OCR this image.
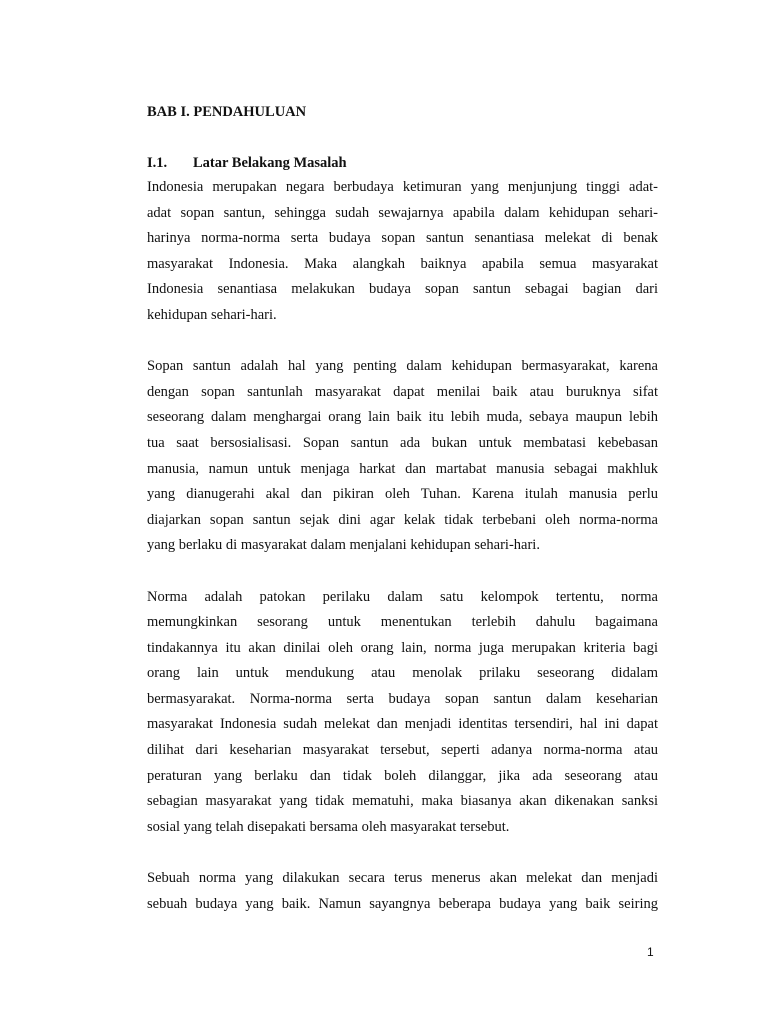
BAB I. PENDAHULUAN
I.1.	Latar Belakang Masalah

Indonesia merupakan negara berbudaya ketimuran yang menjunjung tinggi adat-
adat sopan santun, sehingga sudah sewajarnya apabila dalam kehidupan sehari-
harinya norma-norma serta budaya sopan santun senantiasa melekat di benak
masyarakat Indonesia. Maka alangkah baiknya apabila semua masyarakat
Indonesia senantiasa melakukan budaya sopan santun sebagai bagian dari
kehidupan sehari-hari.

Sopan santun adalah hal yang penting dalam kehidupan bermasyarakat, karena
dengan sopan santunlah masyarakat dapat menilai baik atau buruknya sifat
seseorang dalam menghargai orang lain baik itu lebih muda, sebaya maupun lebih
tua saat bersosialisasi. Sopan santun ada bukan untuk membatasi kebebasan
manusia, namun untuk menjaga harkat dan martabat manusia sebagai makhluk
yang dianugerahi akal dan pikiran oleh Tuhan. Karena itulah manusia perlu
diajarkan sopan santun sejak dini agar kelak tidak terbebani oleh norma-norma
yang berlaku di masyarakat dalam menjalani kehidupan sehari-hari.

Norma adalah patokan perilaku dalam satu kelompok tertentu, norma
memungkinkan sesorang untuk menentukan terlebih dahulu bagaimana
tindakannya itu akan dinilai oleh orang lain, norma juga merupakan kriteria bagi
orang lain untuk mendukung atau menolak prilaku seseorang didalam
bermasyarakat. Norma-norma serta budaya sopan santun dalam keseharian
masyarakat Indonesia sudah melekat dan menjadi identitas tersendiri, hal ini dapat
dilihat dari keseharian masyarakat tersebut, seperti adanya norma-norma atau
peraturan yang berlaku dan tidak boleh dilanggar, jika ada seseorang atau
sebagian masyarakat yang tidak mematuhi, maka biasanya akan dikenakan sanksi
sosial yang telah disepakati bersama oleh masyarakat tersebut.

Sebuah norma yang dilakukan secara terus menerus akan melekat dan menjadi
sebuah budaya yang baik. Namun sayangnya beberapa budaya yang baik seiring

1
